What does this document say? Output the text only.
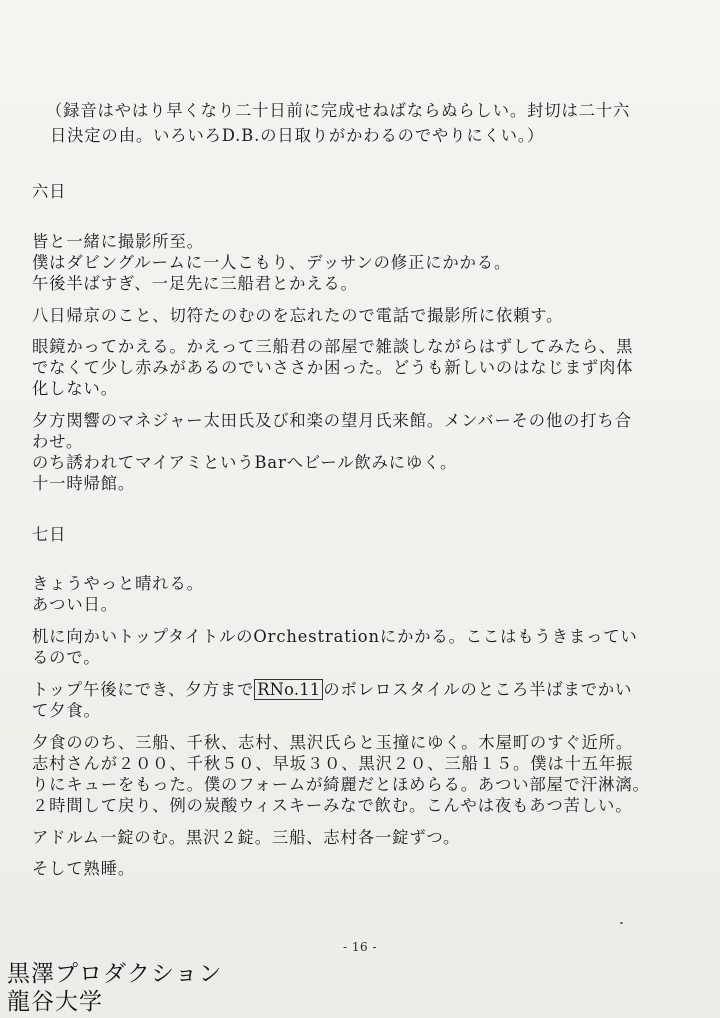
（録音はやはり早くなり二十日前に完成せねばならぬらしい。封切は二十六
日決定の由。いろいろD.B.の日取りがかわるのでやりにくい。）
六日
皆と一緒に撮影所至。
僕はダビングルームに一人こもり、デッサンの修正にかかる。
午後半ばすぎ、一足先に三船君とかえる。
八日帰京のこと、切符たのむのを忘れたので電話で撮影所に依頼す。
眼鏡かってかえる。かえって三船君の部屋で雑談しながらはずしてみたら、黒
でなくて少し赤みがあるのでいささか困った。どうも新しいのはなじまず肉体
化しない。
夕方関響のマネジャー太田氏及び和楽の望月氏来館。メンバーその他の打ち合
わせ。
のち誘われてマイアミというBarへビール飲みにゆく。
十一時帰館。
七日
きょうやっと晴れる。
あつい日。
机に向かいトップタイトルのOrchestrationにかかる。ここはもうきまってい
るので。
トップ午後にでき、夕方まで RNo.11 のボレロスタイルのところ半ばまでかい
て夕食。
夕食ののち、三船、千秋、志村、黒沢氏らと玉撞にゆく。木屋町のすぐ近所。
志村さんが２００、千秋５０、早坂３０、黒沢２０、三船１５。僕は十五年振
りにキューをもった。僕のフォームが綺麗だとほめらる。あつい部屋で汗淋漓。
２時間して戻り、例の炭酸ウィスキーみなで飲む。こんやは夜もあつ苦しい。
アドルム一錠のむ。黒沢２錠。三船、志村各一錠ずつ。
そして熟睡。
- 16 -
黒澤プロダクション
龍谷大学
